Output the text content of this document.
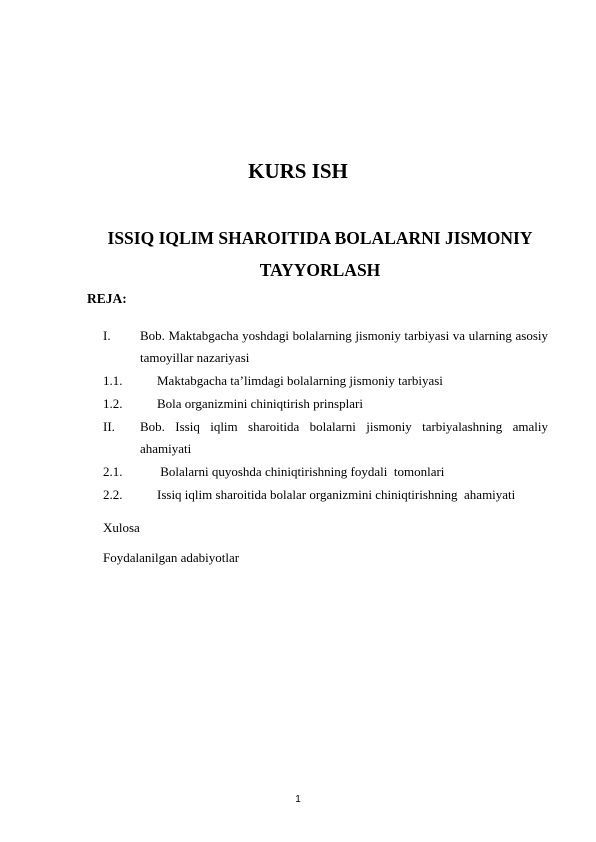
KURS ISH
ISSIQ IQLIM SHAROITIDA BOLALARNI JISMONIY TAYYORLASH
REJA:
I.	Bob. Maktabgacha yoshdagi bolalarning jismoniy tarbiyasi va ularning asosiy tamoyillar nazariyasi
1.1.	Maktabgacha ta’limdagi bolalarning jismoniy tarbiyasi
1.2.	Bola organizmini chiniqtirish prinsplari
II.	Bob. Issiq iqlim sharoitida bolalarni jismoniy tarbiyalashning amaliy ahamiyati
2.1.	Bolalarni quyoshda chiniqtirishning foydali  tomonlari
2.2.	Issiq iqlim sharoitida bolalar organizmini chiniqtirishning  ahamiyati
Xulosa
Foydalanilgan adabiyotlar
1
